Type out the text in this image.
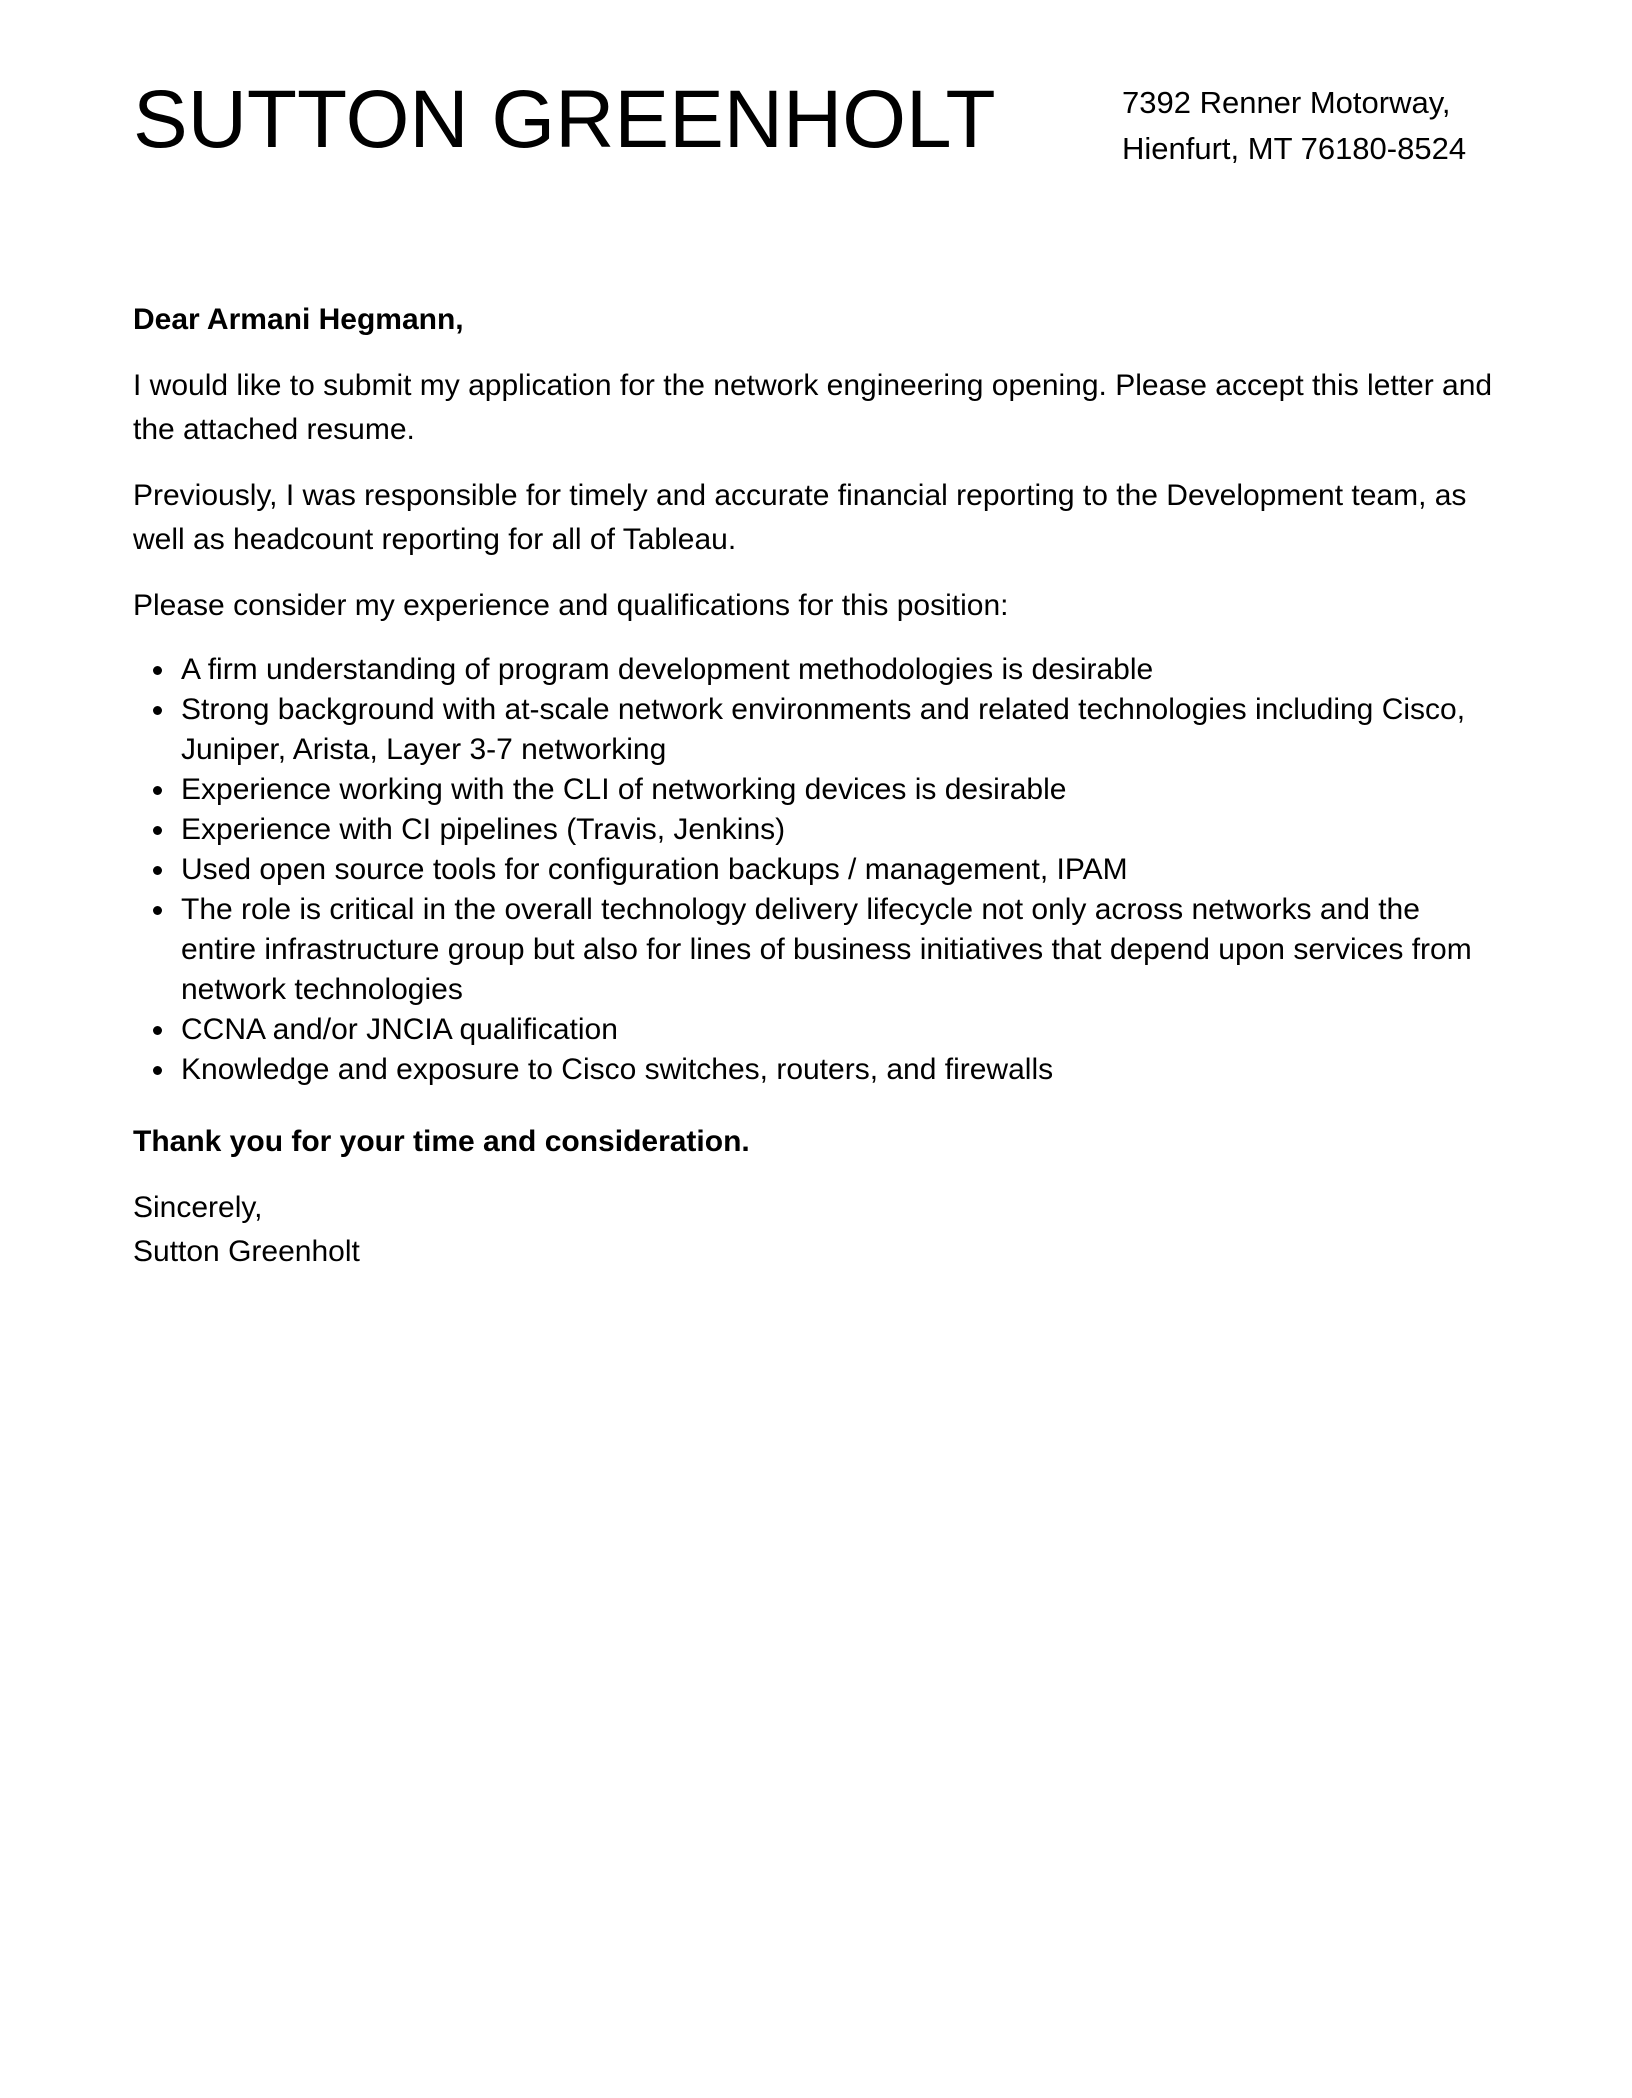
SUTTON GREENHOLT	7392 Renner Motorway,
Hienfurt, MT 76180-8524

Dear Armani Hegmann,

I would like to submit my application for the network engineering opening. Please accept this letter and the attached resume.

Previously, I was responsible for timely and accurate financial reporting to the Development team, as well as headcount reporting for all of Tableau.

Please consider my experience and qualifications for this position:

A firm understanding of program development methodologies is desirable
Strong background with at-scale network environments and related technologies including Cisco, Juniper, Arista, Layer 3-7 networking
Experience working with the CLI of networking devices is desirable
Experience with CI pipelines (Travis, Jenkins)
Used open source tools for configuration backups / management, IPAM
The role is critical in the overall technology delivery lifecycle not only across networks and the entire infrastructure group but also for lines of business initiatives that depend upon services from network technologies
CCNA and/or JNCIA qualification
Knowledge and exposure to Cisco switches, routers, and firewalls

Thank you for your time and consideration.

Sincerely,
Sutton Greenholt
